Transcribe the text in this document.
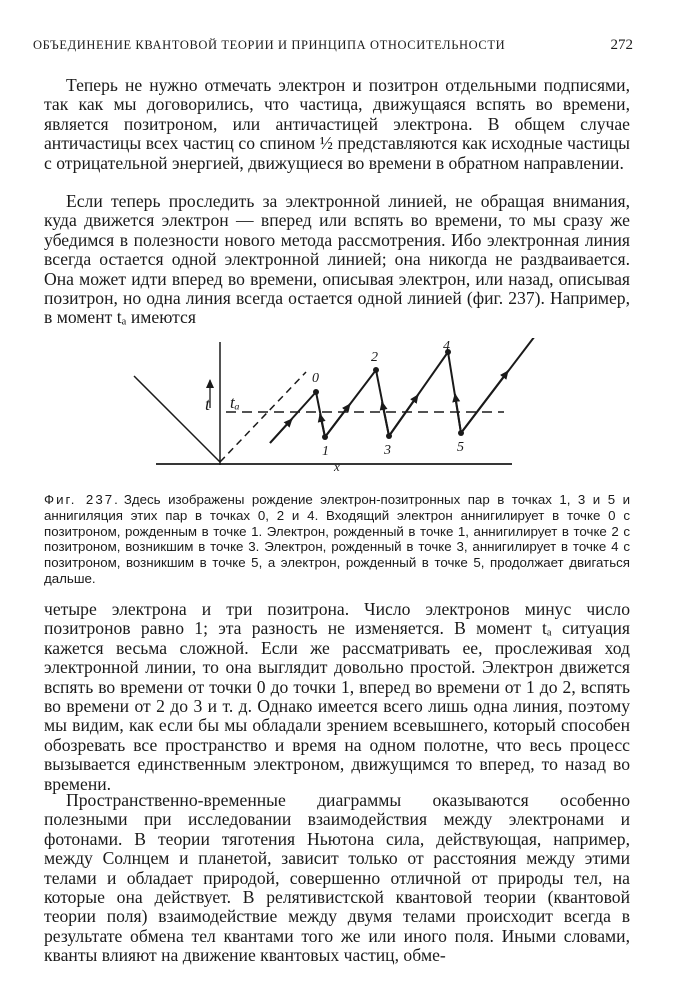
ОБЪЕДИНЕНИЕ КВАНТОВОЙ ТЕОРИИ И ПРИНЦИПА ОТНОСИТЕЛЬНОСТИ	272

Теперь не нужно отмечать электрон и позитрон отдельными подписями, так как мы договорились, что частица, движущаяся вспять во времени, является позитроном, или античастицей электрона. В общем случае античастицы всех частиц со спином ½ представляются как исходные частицы с отрицательной энергией, движущиеся во времени в обратном направлении.

Если теперь проследить за электронной линией, не обращая внимания, куда движется электрон — вперед или вспять во времени, то мы сразу же убедимся в полезности нового метода рассмотрения. Ибо электронная линия всегда остается одной электронной линией; она никогда не раздваивается. Она может идти вперед во времени, описывая электрон, или назад, описывая позитрон, но одна линия всегда остается одной линией (фиг. 237). Например, в момент tₐ имеются

t tₐ
0
1
2
3
4
5
x

Фиг. 237. Здесь изображены рождение электрон-позитронных пар в точках 1, 3 и 5 и аннигиляция этих пар в точках 0, 2 и 4. Входящий электрон аннигилирует в точке 0 с позитроном, рожденным в точке 1. Электрон, рожденный в точке 1, аннигилирует в точке 2 с позитроном, возникшим в точке 3. Электрон, рожденный в точке 3, аннигилирует в точке 4 с позитроном, возникшим в точке 5, а электрон, рожденный в точке 5, продолжает двигаться дальше.

четыре электрона и три позитрона. Число электронов минус число позитронов равно 1; эта разность не изменяется. В момент tₐ ситуация кажется весьма сложной. Если же рассматривать ее, прослеживая ход электронной линии, то она выглядит довольно простой. Электрон движется вспять во времени от точки 0 до точки 1, вперед во времени от 1 до 2, вспять во времени от 2 до 3 и т. д. Однако имеется всего лишь одна линия, поэтому мы видим, как если бы мы обладали зрением всевышнего, который способен обозревать все пространство и время на одном полотне, что весь процесс вызывается единственным электроном, движущимся то вперед, то назад во времени.

Пространственно-временные диаграммы оказываются особенно полезными при исследовании взаимодействия между электронами и фотонами. В теории тяготения Ньютона сила, действующая, например, между Солнцем и планетой, зависит только от расстояния между этими телами и обладает природой, совершенно отличной от природы тел, на которые она действует. В релятивистской квантовой теории (квантовой теории поля) взаимодействие между двумя телами происходит всегда в результате обмена тел квантами того же или иного поля. Иными словами, кванты влияют на движение квантовых частиц, обме-
